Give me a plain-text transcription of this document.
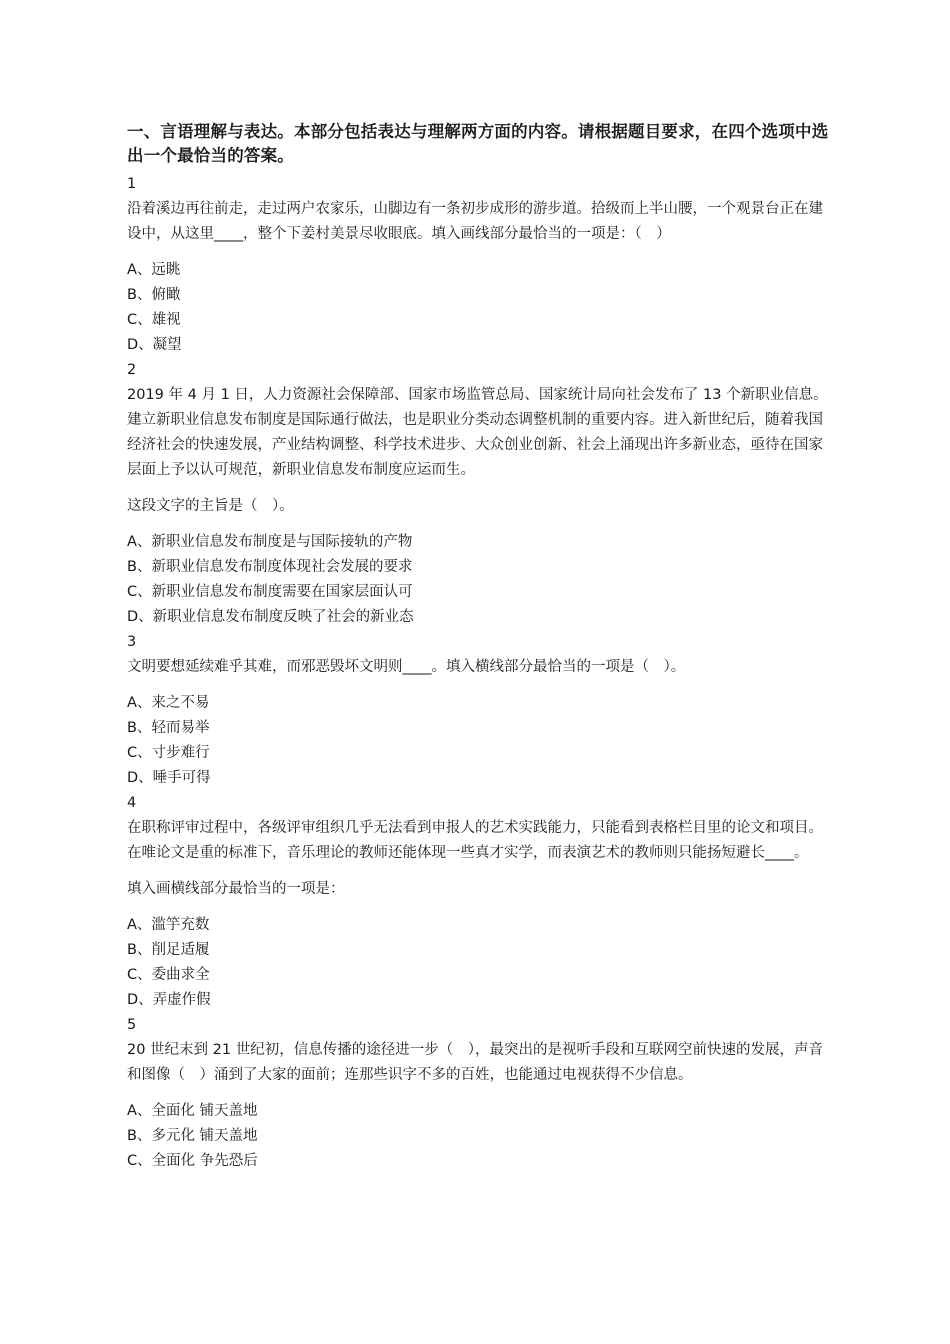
一、言语理解与表达。本部分包括表达与理解两方面的内容。请根据题目要求，在四个选项中选出一个最恰当的答案。
1
沿着溪边再往前走，走过两户农家乐，山脚边有一条初步成形的游步道。拾级而上半山腰，一个观景台正在建设中，从这里____，整个下姜村美景尽收眼底。填入画线部分最恰当的一项是：（　）
A、远眺
B、俯瞰
C、雄视
D、凝望
2
2019 年 4 月 1 日，人力资源社会保障部、国家市场监管总局、国家统计局向社会发布了 13 个新职业信息。建立新职业信息发布制度是国际通行做法，也是职业分类动态调整机制的重要内容。进入新世纪后，随着我国经济社会的快速发展，产业结构调整、科学技术进步、大众创业创新、社会上涌现出许多新业态，亟待在国家层面上予以认可规范，新职业信息发布制度应运而生。
这段文字的主旨是（　）。
A、新职业信息发布制度是与国际接轨的产物
B、新职业信息发布制度体现社会发展的要求
C、新职业信息发布制度需要在国家层面认可
D、新职业信息发布制度反映了社会的新业态
3
文明要想延续难乎其难，而邪恶毁坏文明则____。填入横线部分最恰当的一项是（　）。
A、来之不易
B、轻而易举
C、寸步难行
D、唾手可得
4
在职称评审过程中，各级评审组织几乎无法看到申报人的艺术实践能力，只能看到表格栏目里的论文和项目。在唯论文是重的标准下，音乐理论的教师还能体现一些真才实学，而表演艺术的教师则只能扬短避长____。
填入画横线部分最恰当的一项是：
A、滥竽充数
B、削足适履
C、委曲求全
D、弄虚作假
5
20 世纪末到 21 世纪初，信息传播的途径进一步（　），最突出的是视听手段和互联网空前快速的发展，声音和图像（　）涌到了大家的面前；连那些识字不多的百姓，也能通过电视获得不少信息。
A、全面化 铺天盖地
B、多元化 铺天盖地
C、全面化 争先恐后
